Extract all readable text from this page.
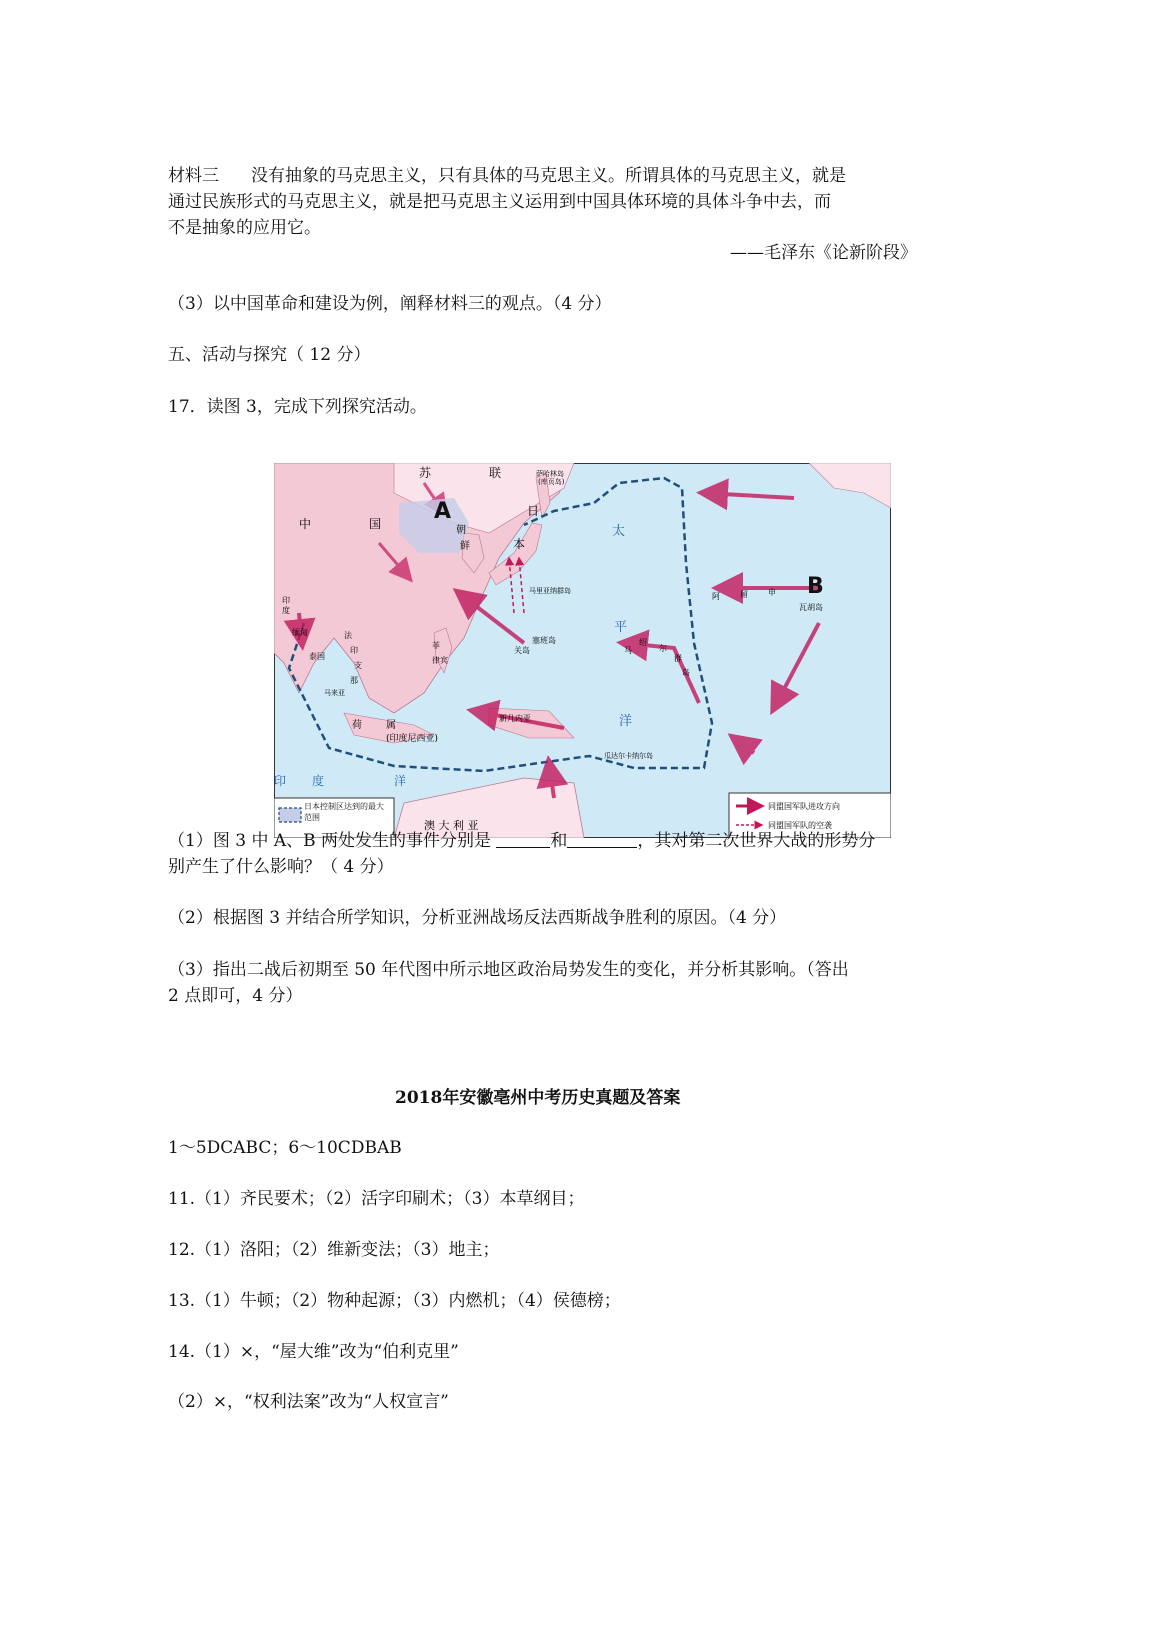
材料三 没有抽象的马克思主义，只有具体的马克思主义。所谓具体的马克思主义，就是
通过民族形式的马克思主义，就是把马克思主义运用到中国具体环境的具体斗争中去，而
不是抽象的应用它。
——毛泽东《论新阶段》
（3）以中国革命和建设为例，阐释材料三的观点。（4 分）
五、活动与探究（ 12 分）
17．读图 3，完成下列探究活动。
A
B
苏	联
中	国
萨哈林岛
(库页岛)
朝
鲜
日
本
太
平
洋
阿	留	申
瓦胡岛
印
度
缅甸
泰国
法
印
支
那
马来亚
荷 属
(印度尼西亚)
马里亚纳群岛
塞班岛
关岛	马
绍
尔
群
岛
瓜达尔卡纳尔岛
菲
律宾
印 度	洋
澳 大 利 亚
新几内亚
日本控制区达到的最大范围
同盟国军队进攻方向
同盟国军队的空袭
（1）图 3 中 A、B 两处发生的事件分别是	和	，其对第二次世界大战的形势分
别产生了什么影响？（ 4 分）
（2）根据图 3 并结合所学知识，分析亚洲战场反法西斯战争胜利的原因。（4 分）
（3）指出二战后初期至 50 年代图中所示地区政治局势发生的变化，并分析其影响。（答出
2 点即可，4 分）
2018年安徽亳州中考历史真题及答案
1～5DCABC；6～10CDBAB
11.（1）齐民要术；（2）活字印刷术；（3）本草纲目；
12.（1）洛阳；（2）维新变法；（3）地主；
13.（1）牛顿；（2）物种起源；（3）内燃机；（4）侯德榜；
14.（1）×，“屋大维”改为“伯利克里”
（2）×，“权利法案”改为“人权宣言”
